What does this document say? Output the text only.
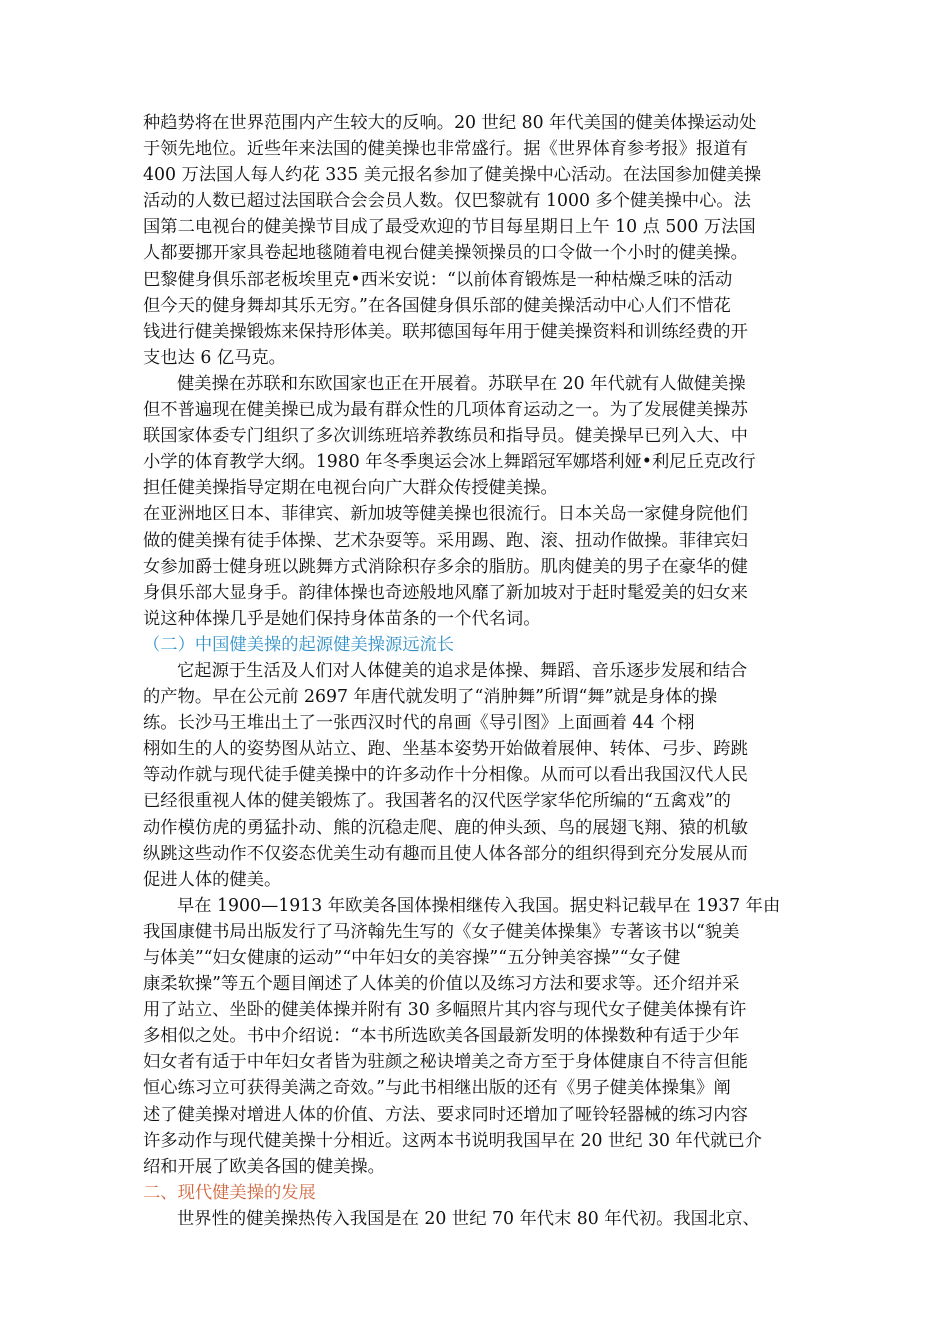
种趋势将在世界范围内产生较大的反响。20 世纪 80 年代美国的健美体操运动处
于领先地位。近些年来法国的健美操也非常盛行。据《世界体育参考报》报道有
400 万法国人每人约花 335 美元报名参加了健美操中心活动。在法国参加健美操
活动的人数已超过法国联合会会员人数。仅巴黎就有 1000 多个健美操中心。法
国第二电视台的健美操节目成了最受欢迎的节目每星期日上午 10 点 500 万法国
人都要挪开家具卷起地毯随着电视台健美操领操员的口令做一个小时的健美操。
巴黎健身俱乐部老板埃里克•西米安说：“以前体育锻炼是一种枯燥乏味的活动
但今天的健身舞却其乐无穷。”在各国健身俱乐部的健美操活动中心人们不惜花
钱进行健美操锻炼来保持形体美。联邦德国每年用于健美操资料和训练经费的开
支也达 6 亿马克。
健美操在苏联和东欧国家也正在开展着。苏联早在 20 年代就有人做健美操
但不普遍现在健美操已成为最有群众性的几项体育运动之一。为了发展健美操苏
联国家体委专门组织了多次训练班培养教练员和指导员。健美操早已列入大、中
小学的体育教学大纲。1980 年冬季奥运会冰上舞蹈冠军娜塔利娅•利尼丘克改行
担任健美操指导定期在电视台向广大群众传授健美操。
在亚洲地区日本、菲律宾、新加坡等健美操也很流行。日本关岛一家健身院他们
做的健美操有徒手体操、艺术杂耍等。采用踢、跑、滚、扭动作做操。菲律宾妇
女参加爵士健身班以跳舞方式消除积存多余的脂肪。肌肉健美的男子在豪华的健
身俱乐部大显身手。韵律体操也奇迹般地风靡了新加坡对于赶时髦爱美的妇女来
说这种体操几乎是她们保持身体苗条的一个代名词。
（二）中国健美操的起源健美操源远流长
它起源于生活及人们对人体健美的追求是体操、舞蹈、音乐逐步发展和结合
的产物。早在公元前 2697 年唐代就发明了“消肿舞”所谓“舞”就是身体的操
练。长沙马王堆出土了一张西汉时代的帛画《导引图》上面画着 44 个栩
栩如生的人的姿势图从站立、跑、坐基本姿势开始做着展伸、转体、弓步、跨跳
等动作就与现代徒手健美操中的许多动作十分相像。从而可以看出我国汉代人民
已经很重视人体的健美锻炼了。我国著名的汉代医学家华佗所编的“五禽戏”的
动作模仿虎的勇猛扑动、熊的沉稳走爬、鹿的伸头颈、鸟的展翅飞翔、猿的机敏
纵跳这些动作不仅姿态优美生动有趣而且使人体各部分的组织得到充分发展从而
促进人体的健美。
早在 1900—1913 年欧美各国体操相继传入我国。据史料记载早在 1937 年由
我国康健书局出版发行了马济翰先生写的《女子健美体操集》专著该书以“貌美
与体美”“妇女健康的运动”“中年妇女的美容操”“五分钟美容操”“女子健
康柔软操”等五个题目阐述了人体美的价值以及练习方法和要求等。还介绍并采
用了站立、坐卧的健美体操并附有 30 多幅照片其内容与现代女子健美体操有许
多相似之处。书中介绍说：“本书所选欧美各国最新发明的体操数种有适于少年
妇女者有适于中年妇女者皆为驻颜之秘诀增美之奇方至于身体健康自不待言但能
恒心练习立可获得美满之奇效。”与此书相继出版的还有《男子健美体操集》阐
述了健美操对增进人体的价值、方法、要求同时还增加了哑铃轻器械的练习内容
许多动作与现代健美操十分相近。这两本书说明我国早在 20 世纪 30 年代就已介
绍和开展了欧美各国的健美操。
二、现代健美操的发展
世界性的健美操热传入我国是在 20 世纪 70 年代末 80 年代初。我国北京、
